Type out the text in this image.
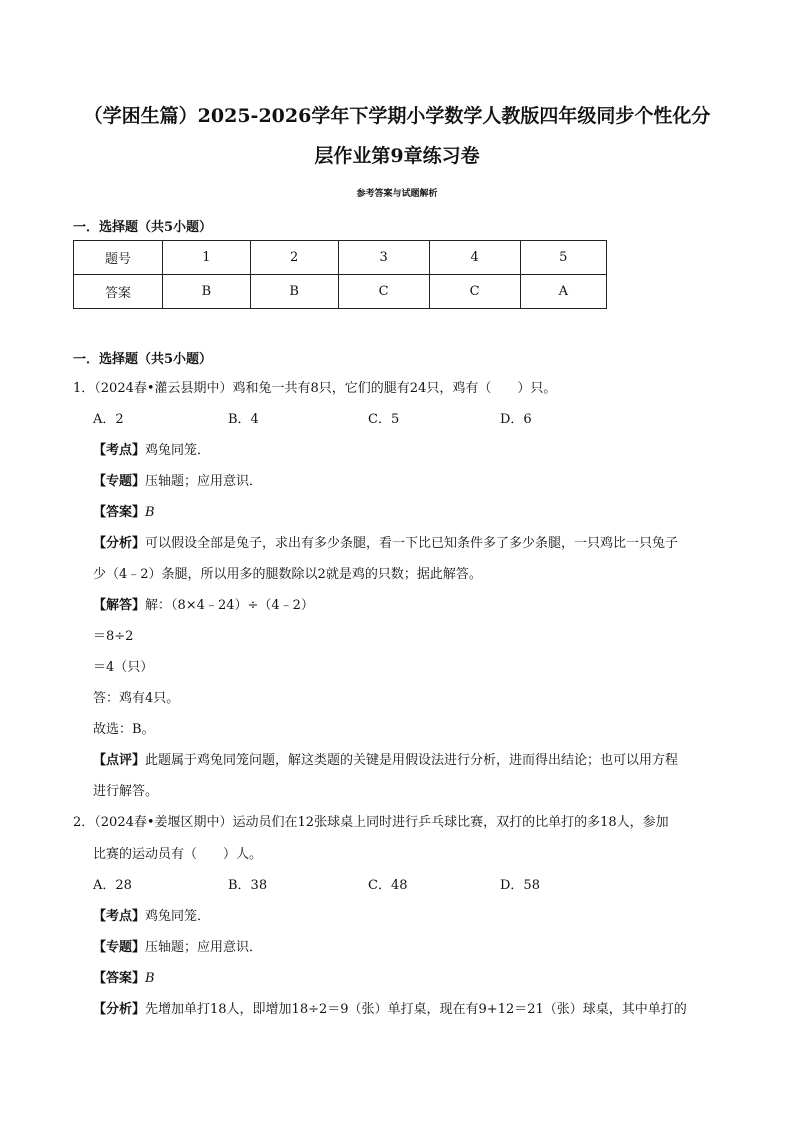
（学困生篇）2025-2026学年下学期小学数学人教版四年级同步个性化分
层作业第9章练习卷
参考答案与试题解析
一．选择题（共5小题）
题号	1	2	3	4	5
答案	B	B	C	C	A
一．选择题（共5小题）
1．（2024春•灌云县期中）鸡和兔一共有8只，它们的腿有24只，鸡有（　　）只。
A．2	B．4	C．5	D．6
【考点】鸡兔同笼．
【专题】压轴题；应用意识．
【答案】B
【分析】可以假设全部是兔子，求出有多少条腿，看一下比已知条件多了多少条腿，一只鸡比一只兔子
少（4﹣2）条腿，所以用多的腿数除以2就是鸡的只数；据此解答。
【解答】解：（8×4﹣24）÷（4﹣2）
＝8÷2
＝4（只）
答：鸡有4只。
故选：B。
【点评】此题属于鸡兔同笼问题，解这类题的关键是用假设法进行分析，进而得出结论；也可以用方程
进行解答。
2．（2024春•姜堰区期中）运动员们在12张球桌上同时进行乒乓球比赛，双打的比单打的多18人，参加
比赛的运动员有（　　）人。
A．28	B．38	C．48	D．58
【考点】鸡兔同笼．
【专题】压轴题；应用意识．
【答案】B
【分析】先增加单打18人，即增加18÷2＝9（张）单打桌，现在有9+12＝21（张）球桌，其中单打的
